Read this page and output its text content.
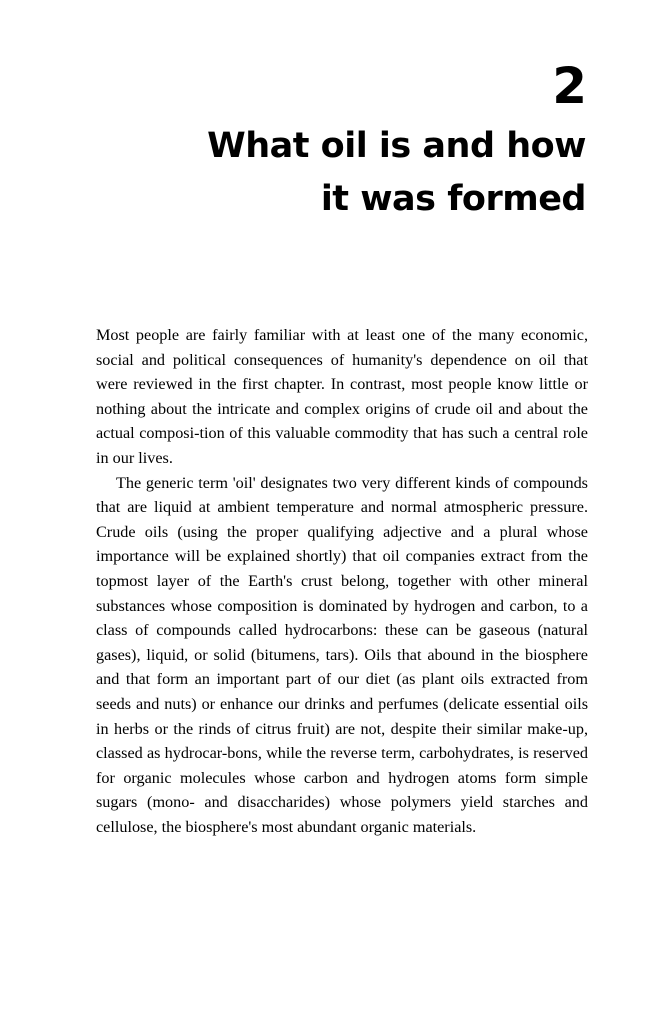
2
What oil is and how
it was formed

Most people are fairly familiar with at least one of the many economic, social and political consequences of humanity's dependence on oil that were reviewed in the first chapter. In contrast, most people know little or nothing about the intricate and complex origins of crude oil and about the actual composi-tion of this valuable commodity that has such a central role in our lives.

The generic term 'oil' designates two very different kinds of compounds that are liquid at ambient temperature and normal atmospheric pressure. Crude oils (using the proper qualifying adjective and a plural whose importance will be explained shortly) that oil companies extract from the topmost layer of the Earth's crust belong, together with other mineral substances whose composition is dominated by hydrogen and carbon, to a class of compounds called hydrocarbons: these can be gaseous (natural gases), liquid, or solid (bitumens, tars). Oils that abound in the biosphere and that form an important part of our diet (as plant oils extracted from seeds and nuts) or enhance our drinks and perfumes (delicate essential oils in herbs or the rinds of citrus fruit) are not, despite their similar make-up, classed as hydrocar-bons, while the reverse term, carbohydrates, is reserved for organic molecules whose carbon and hydrogen atoms form simple sugars (mono- and disaccharides) whose polymers yield starches and cellulose, the biosphere's most abundant organic materials.
